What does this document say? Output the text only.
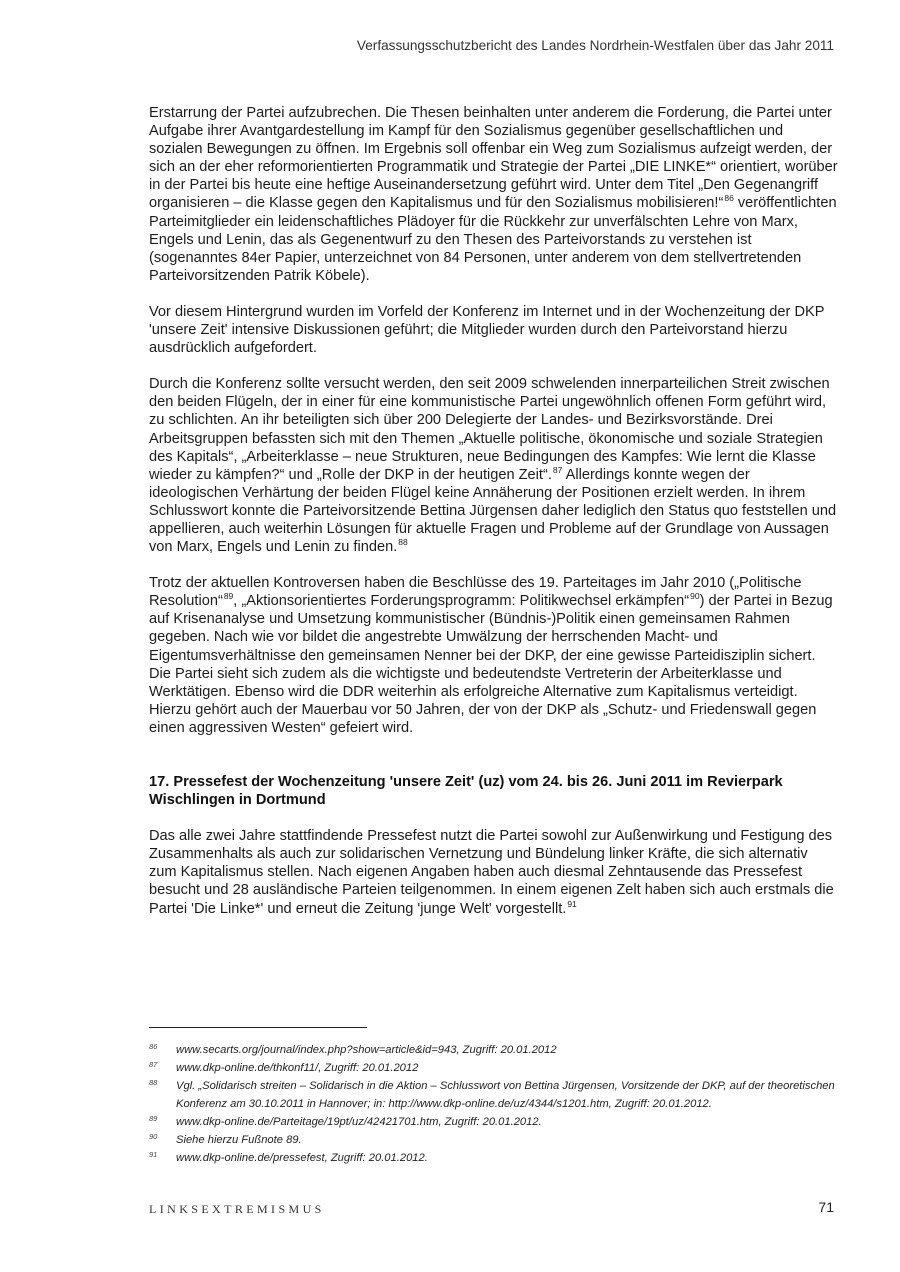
Verfassungsschutzbericht des Landes Nordrhein-Westfalen über das Jahr 2011

Erstarrung der Partei aufzubrechen. Die Thesen beinhalten unter anderem die Forderung, die Partei unter Aufgabe ihrer Avantgardestellung im Kampf für den Sozialismus gegenüber gesellschaftlichen und sozialen Bewegungen zu öffnen. Im Ergebnis soll offenbar ein Weg zum Sozialismus aufzeigt werden, der sich an der eher reformorientierten Programmatik und Strategie der Partei „DIE LINKE*“ orientiert, worüber in der Partei bis heute eine heftige Auseinandersetzung geführt wird. Unter dem Titel „Den Gegenangriff organisieren – die Klasse gegen den Kapitalismus und für den Sozialismus mobilisieren!“$^{86}$ veröffentlichten Parteimitglieder ein leidenschaftliches Plädoyer für die Rückkehr zur unverfälschten Lehre von Marx, Engels und Lenin, das als Gegenentwurf zu den Thesen des Parteivorstands zu verstehen ist (sogenanntes 84er Papier, unterzeichnet von 84 Personen, unter anderem von dem stellvertretenden Parteivorsitzenden Patrik Köbele).

Vor diesem Hintergrund wurden im Vorfeld der Konferenz im Internet und in der Wochenzeitung der DKP 'unsere Zeit' intensive Diskussionen geführt; die Mitglieder wurden durch den Parteivorstand hierzu ausdrücklich aufgefordert.

Durch die Konferenz sollte versucht werden, den seit 2009 schwelenden innerparteilichen Streit zwischen den beiden Flügeln, der in einer für eine kommunistische Partei ungewöhnlich offenen Form geführt wird, zu schlichten. An ihr beteiligten sich über 200 Delegierte der Landes- und Bezirksvorstände. Drei Arbeitsgruppen befassten sich mit den Themen „Aktuelle politische, ökonomische und soziale Strategien des Kapitals“, „Arbeiterklasse – neue Strukturen, neue Bedingungen des Kampfes: Wie lernt die Klasse wieder zu kämpfen?“ und „Rolle der DKP in der heutigen Zeit“.$^{87}$ Allerdings konnte wegen der ideologischen Verhärtung der beiden Flügel keine Annäherung der Positionen erzielt werden. In ihrem Schlusswort konnte die Parteivorsitzende Bettina Jürgensen daher lediglich den Status quo feststellen und appellieren, auch weiterhin Lösungen für aktuelle Fragen und Probleme auf der Grundlage von Aussagen von Marx, Engels und Lenin zu finden.$^{88}$

Trotz der aktuellen Kontroversen haben die Beschlüsse des 19. Parteitages im Jahr 2010 („Politische Resolution“$^{89}$, „Aktionsorientiertes Forderungsprogramm: Politikwechsel erkämpfen“$^{90}$) der Partei in Bezug auf Krisenanalyse und Umsetzung kommunistischer (Bündnis-)Politik einen gemeinsamen Rahmen gegeben. Nach wie vor bildet die angestrebte Umwälzung der herrschenden Macht- und Eigentumsverhältnisse den gemeinsamen Nenner bei der DKP, der eine gewisse Parteidisziplin sichert. Die Partei sieht sich zudem als die wichtigste und bedeutendste Vertreterin der Arbeiterklasse und Werktätigen. Ebenso wird die DDR weiterhin als erfolgreiche Alternative zum Kapitalismus verteidigt. Hierzu gehört auch der Mauerbau vor 50 Jahren, der von der DKP als „Schutz- und Friedenswall gegen einen aggressiven Westen“ gefeiert wird.

17. Pressefest der Wochenzeitung 'unsere Zeit' (uz) vom 24. bis 26. Juni 2011 im Revierpark Wischlingen in Dortmund

Das alle zwei Jahre stattfindende Pressefest nutzt die Partei sowohl zur Außenwirkung und Festigung des Zusammenhalts als auch zur solidarischen Vernetzung und Bündelung linker Kräfte, die sich alternativ zum Kapitalismus stellen. Nach eigenen Angaben haben auch diesmal Zehntausende das Pressefest besucht und 28 ausländische Parteien teilgenommen. In einem eigenen Zelt haben sich auch erstmals die Partei 'Die Linke*' und erneut die Zeitung 'junge Welt' vorgestellt.$^{91}$

86	www.secarts.org/journal/index.php?show=article&id=943, Zugriff: 20.01.2012
87	www.dkp-online.de/thkonf11/, Zugriff: 20.01.2012
88	Vgl. „Solidarisch streiten – Solidarisch in die Aktion – Schlusswort von Bettina Jürgensen, Vorsitzende der DKP, auf der theoretischen Konferenz am 30.10.2011 in Hannover; in: http://www.dkp-online.de/uz/4344/s1201.htm, Zugriff: 20.01.2012.
89	www.dkp-online.de/Parteitage/19pt/uz/42421701.htm, Zugriff: 20.01.2012.
90	Siehe hierzu Fußnote 89.
91	www.dkp-online.de/pressefest, Zugriff: 20.01.2012.
LINKSEXTREMISMUS	71
